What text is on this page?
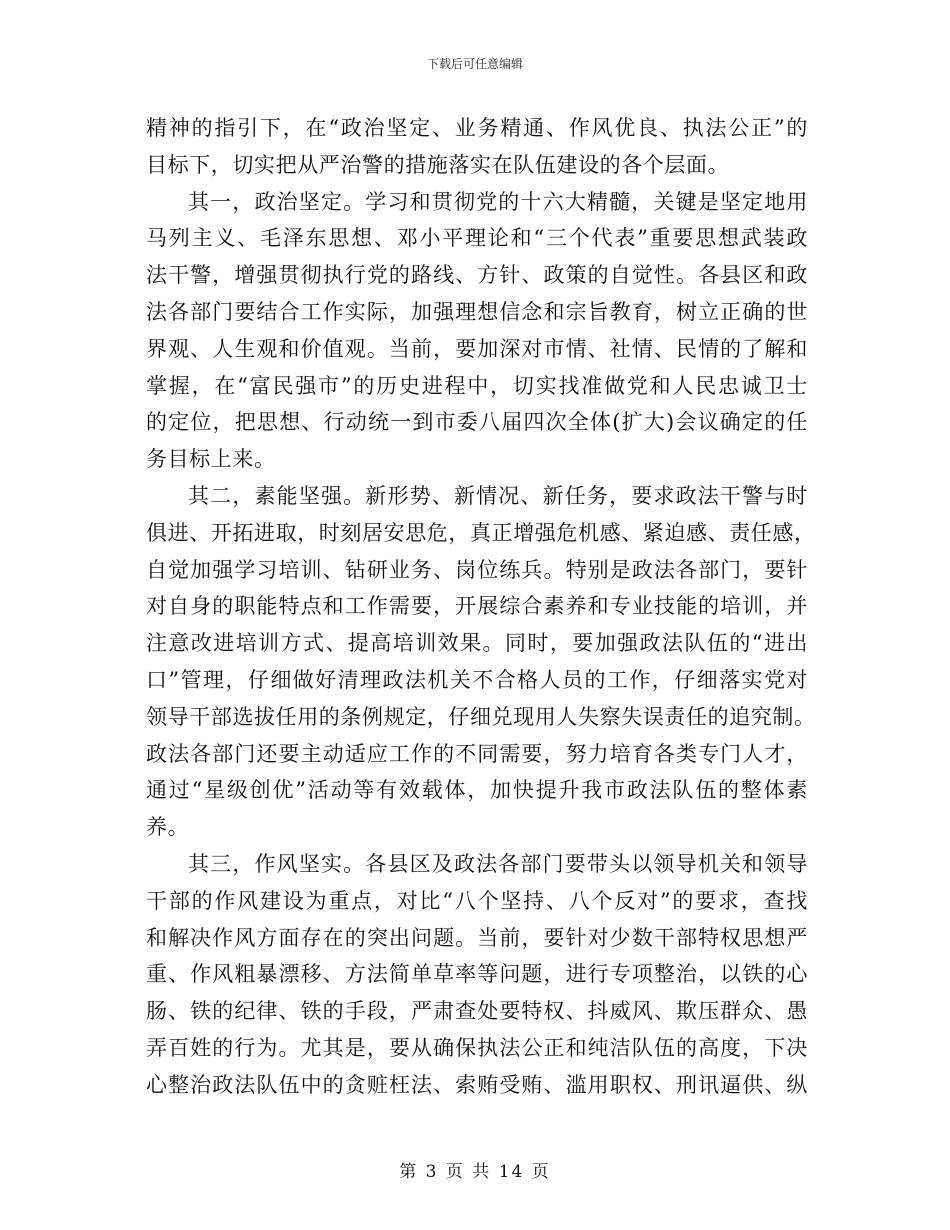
下载后可任意编辑
精神的指引下，在“政治坚定、业务精通、作风优良、执法公正”的
目标下，切实把从严治警的措施落实在队伍建设的各个层面。
其一，政治坚定。学习和贯彻党的十六大精髓，关键是坚定地用
马列主义、毛泽东思想、邓小平理论和“三个代表”重要思想武装政
法干警，增强贯彻执行党的路线、方针、政策的自觉性。各县区和政
法各部门要结合工作实际，加强理想信念和宗旨教育，树立正确的世
界观、人生观和价值观。当前，要加深对市情、社情、民情的了解和
掌握，在“富民强市”的历史进程中，切实找准做党和人民忠诚卫士
的定位，把思想、行动统一到市委八届四次全体(扩大)会议确定的任
务目标上来。
其二，素能坚强。新形势、新情况、新任务，要求政法干警与时
俱进、开拓进取，时刻居安思危，真正增强危机感、紧迫感、责任感，
自觉加强学习培训、钻研业务、岗位练兵。特别是政法各部门，要针
对自身的职能特点和工作需要，开展综合素养和专业技能的培训，并
注意改进培训方式、提高培训效果。同时，要加强政法队伍的“进出
口”管理，仔细做好清理政法机关不合格人员的工作，仔细落实党对
领导干部选拔任用的条例规定，仔细兑现用人失察失误责任的追究制。
政法各部门还要主动适应工作的不同需要，努力培育各类专门人才，
通过“星级创优”活动等有效载体，加快提升我市政法队伍的整体素
养。
其三，作风坚实。各县区及政法各部门要带头以领导机关和领导
干部的作风建设为重点，对比“八个坚持、八个反对”的要求，查找
和解决作风方面存在的突出问题。当前，要针对少数干部特权思想严
重、作风粗暴漂移、方法简单草率等问题，进行专项整治，以铁的心
肠、铁的纪律、铁的手段，严肃查处要特权、抖威风、欺压群众、愚
弄百姓的行为。尤其是，要从确保执法公正和纯洁队伍的高度，下决
心整治政法队伍中的贪赃枉法、索贿受贿、滥用职权、刑讯逼供、纵
第 3 页 共 14 页
